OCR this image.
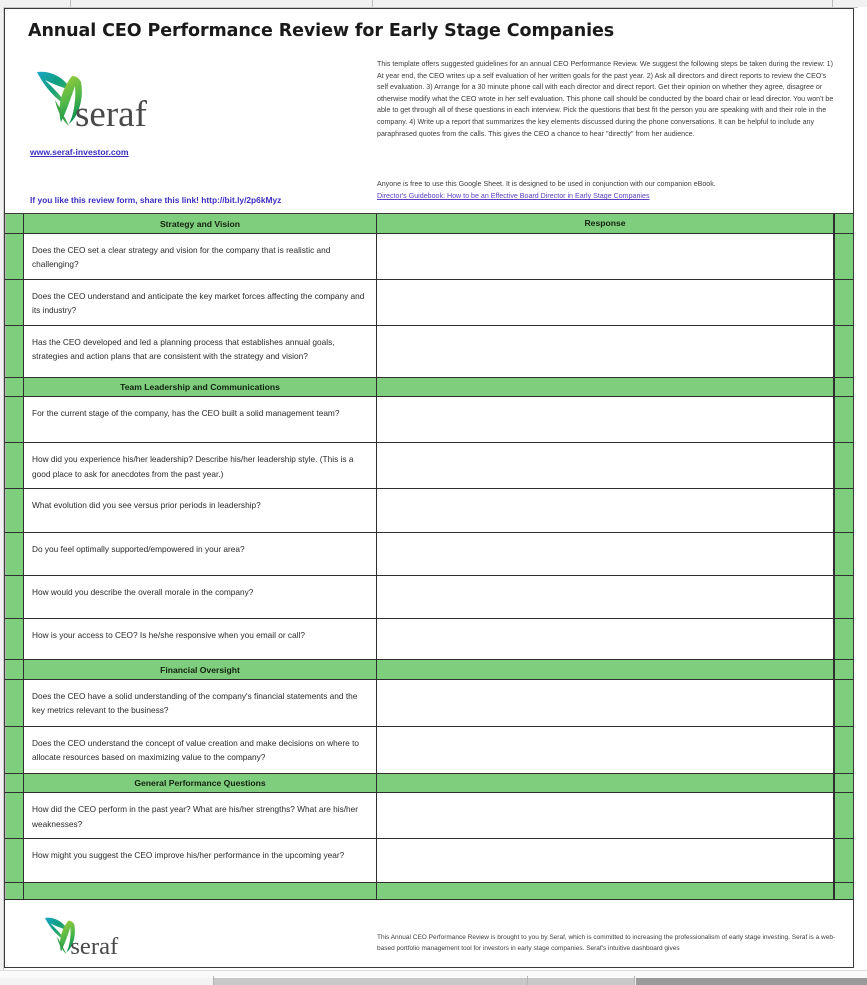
Annual CEO Performance Review for Early Stage Companies
seraf
www.seraf-investor.com
If you like this review form, share this link! http://bit.ly/2p6kMyz
This template offers suggested guidelines for an annual CEO Performance Review. We suggest the following steps be taken during the review: 1) At year end, the CEO writes up a self evaluation of her written goals for the past year. 2) Ask all directors and direct reports to review the CEO's self evaluation. 3) Arrange for a 30 minute phone call with each director and direct report. Get their opinion on whether they agree, disagree or otherwise modify what the CEO wrote in her self evaluation. This phone call should be conducted by the board chair or lead director. You won't be able to get through all of these questions in each interview. Pick the questions that best fit the person you are speaking with and their role in the company. 4) Write up a report that summarizes the key elements discussed during the phone conversations. It can be helpful to include any paraphrased quotes from the calls. This gives the CEO a chance to hear "directly" from her audience.
Anyone is free to use this Google Sheet. It is designed to be used in conjunction with our companion eBook.
Director's Guidebook: How to be an Effective Board Director in Early Stage Companies
Strategy and Vision	Response
Does the CEO set a clear strategy and vision for the company that is realistic and challenging?
Does the CEO understand and anticipate the key market forces affecting the company and its industry?
Has the CEO developed and led a planning process that establishes annual goals, strategies and action plans that are consistent with the strategy and vision?
Team Leadership and Communications
For the current stage of the company, has the CEO built a solid management team?
How did you experience his/her leadership? Describe his/her leadership style. (This is a good place to ask for anecdotes from the past year.)
What evolution did you see versus prior periods in leadership?
Do you feel optimally supported/empowered in your area?
How would you describe the overall morale in the company?
How is your access to CEO? Is he/she responsive when you email or call?
Financial Oversight
Does the CEO have a solid understanding of the company's financial statements and the key metrics relevant to the business?
Does the CEO understand the concept of value creation and make decisions on where to allocate resources based on maximizing value to the company?
General Performance Questions
How did the CEO perform in the past year? What are his/her strengths? What are his/her weaknesses?
How might you suggest the CEO improve his/her performance in the upcoming year?
seraf	This Annual CEO Performance Review is brought to you by Seraf, which is committed to increasing the professionalism of early stage investing. Seraf is a web-based portfolio management tool for investors in early stage companies. Seraf's intuitive dashboard gives
